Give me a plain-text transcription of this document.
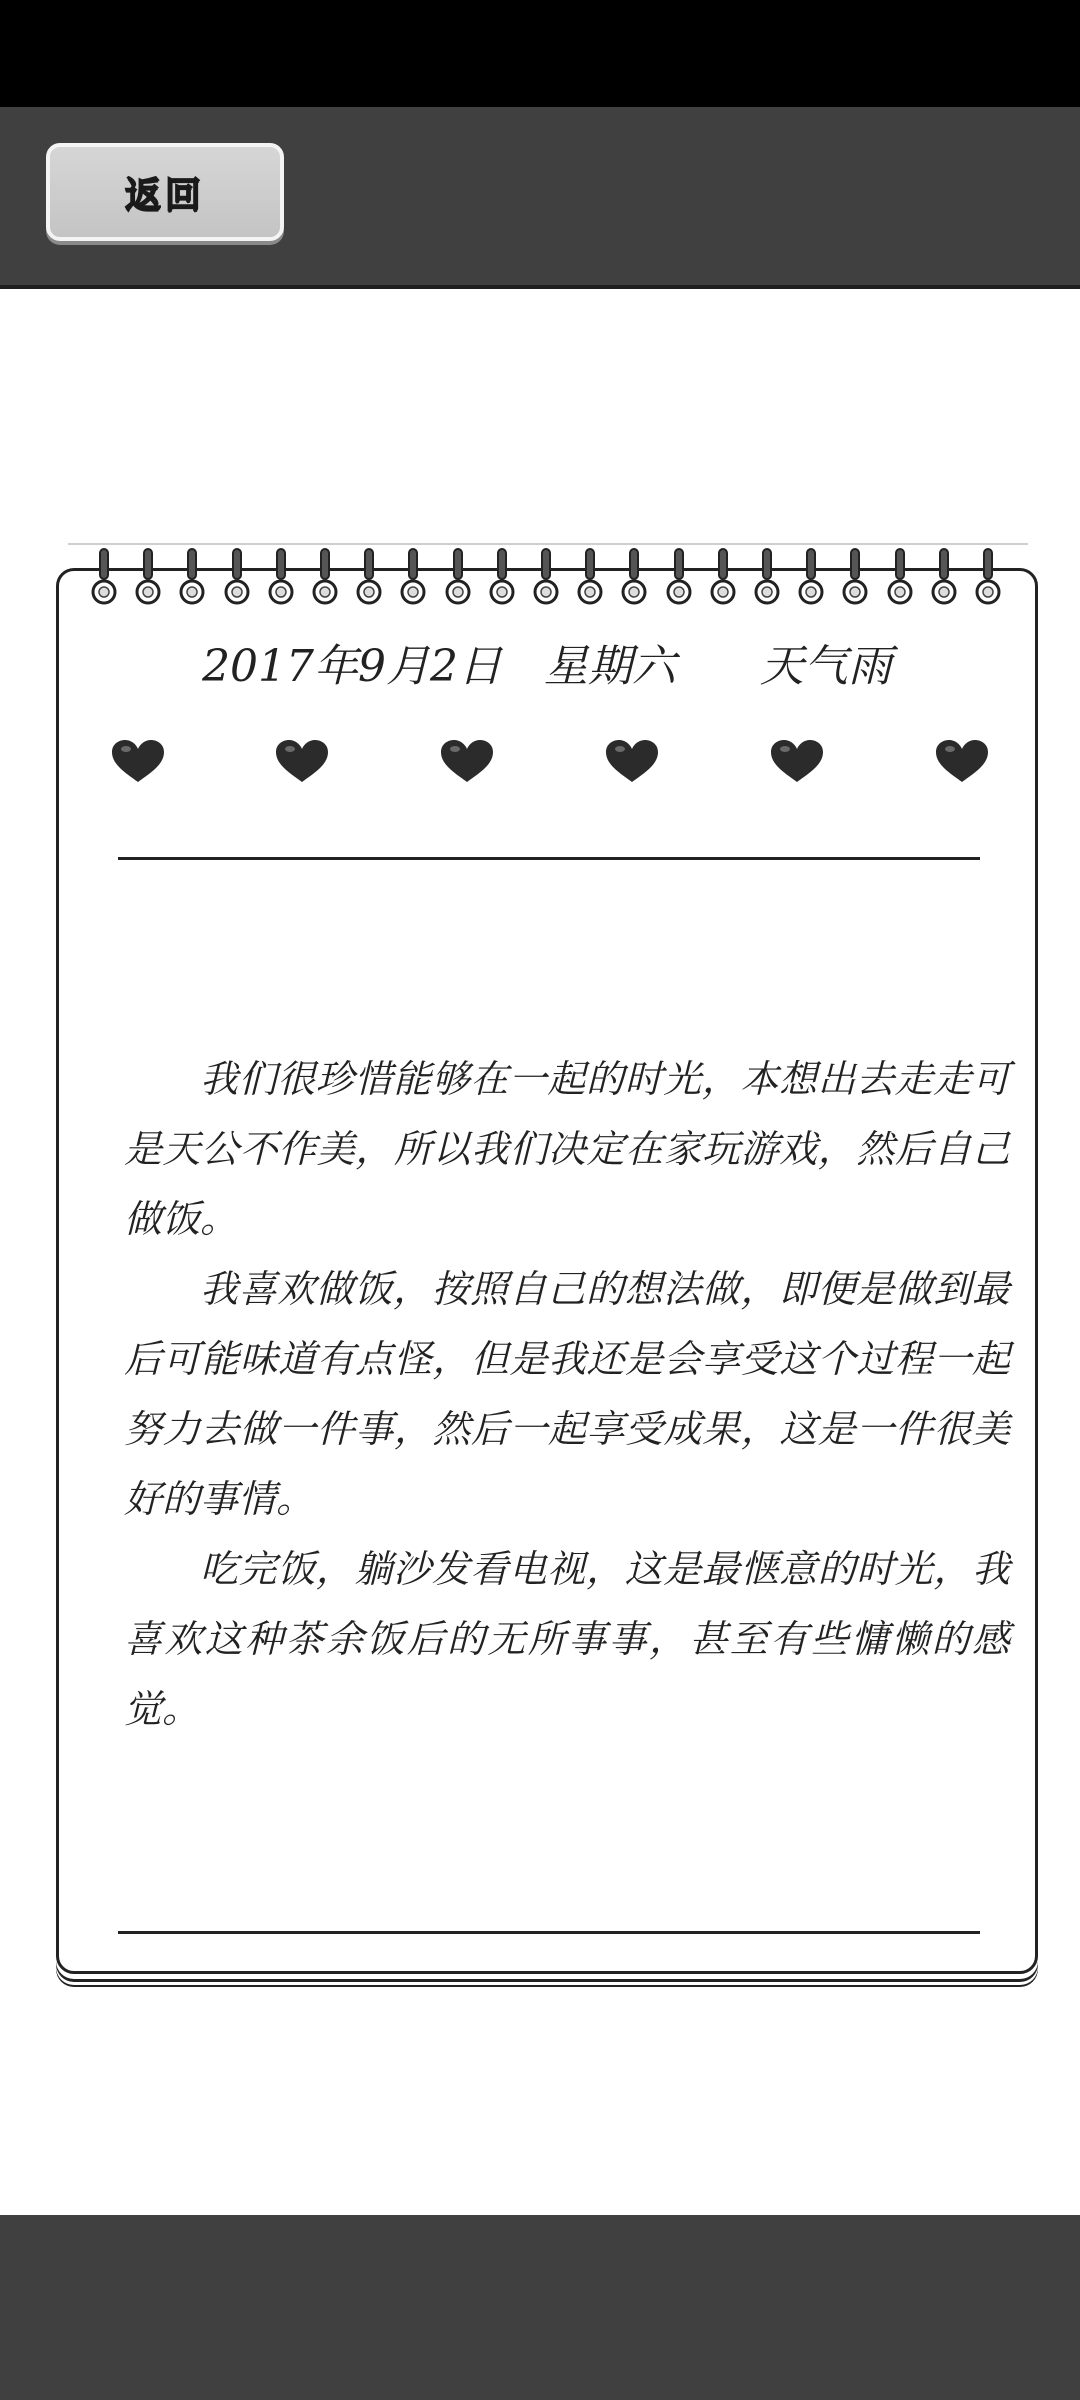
返回
2017年9月2日 星期六 天气雨

我们很珍惜能够在一起的时光，本想出去走走可是天公不作美，所以我们决定在家玩游戏，然后自己做饭。

我喜欢做饭，按照自己的想法做，即便是做到最后可能味道有点怪，但是我还是会享受这个过程一起努力去做一件事，然后一起享受成果，这是一件很美好的事情。

吃完饭，躺沙发看电视，这是最惬意的时光，我喜欢这种茶余饭后的无所事事，甚至有些慵懒的感觉。
